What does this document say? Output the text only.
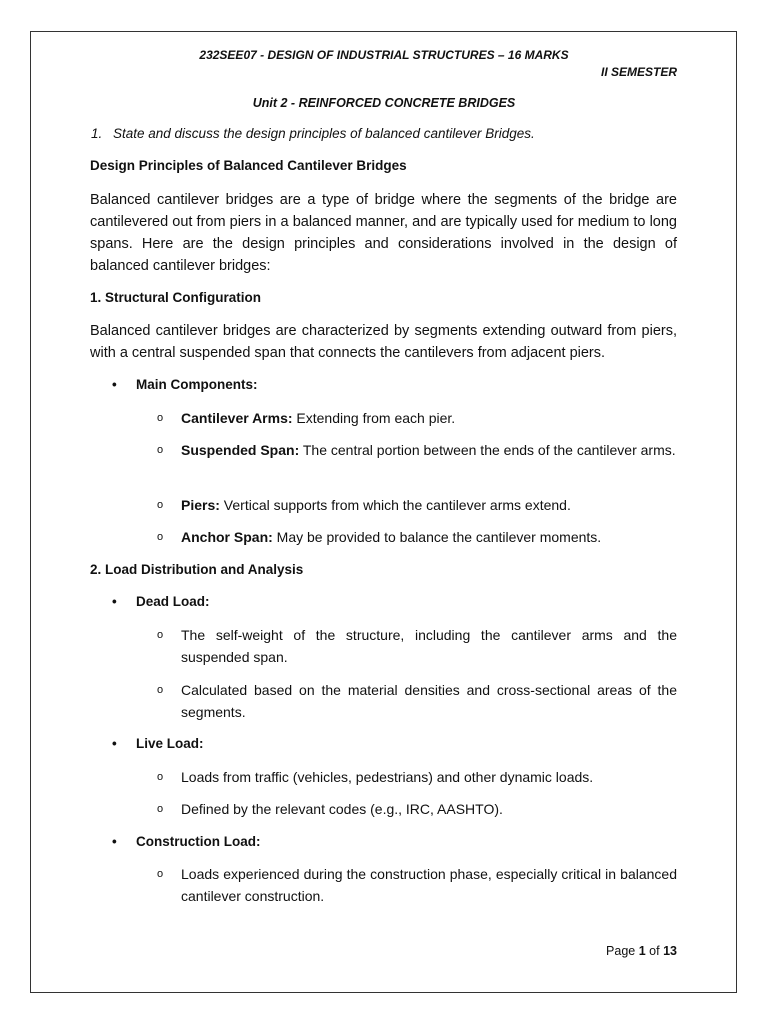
232SEE07 - DESIGN OF INDUSTRIAL STRUCTURES – 16 MARKS

II SEMESTER

Unit 2 - REINFORCED CONCRETE BRIDGES

1. State and discuss the design principles of balanced cantilever Bridges.

Design Principles of Balanced Cantilever Bridges

Balanced cantilever bridges are a type of bridge where the segments of the bridge are cantilevered out from piers in a balanced manner, and are typically used for medium to long spans. Here are the design principles and considerations involved in the design of balanced cantilever bridges:

1. Structural Configuration

Balanced cantilever bridges are characterized by segments extending outward from piers, with a central suspended span that connects the cantilevers from adjacent piers.

• Main Components:

o Cantilever Arms: Extending from each pier.
o Suspended Span: The central portion between the ends of the cantilever arms.
o Piers: Vertical supports from which the cantilever arms extend.
o Anchor Span: May be provided to balance the cantilever moments.

2. Load Distribution and Analysis

• Dead Load:

o The self-weight of the structure, including the cantilever arms and the suspended span.
o Calculated based on the material densities and cross-sectional areas of the segments.

• Live Load:

o Loads from traffic (vehicles, pedestrians) and other dynamic loads.
o Defined by the relevant codes (e.g., IRC, AASHTO).

• Construction Load:

o Loads experienced during the construction phase, especially critical in balanced cantilever construction.

Page 1 of 13
